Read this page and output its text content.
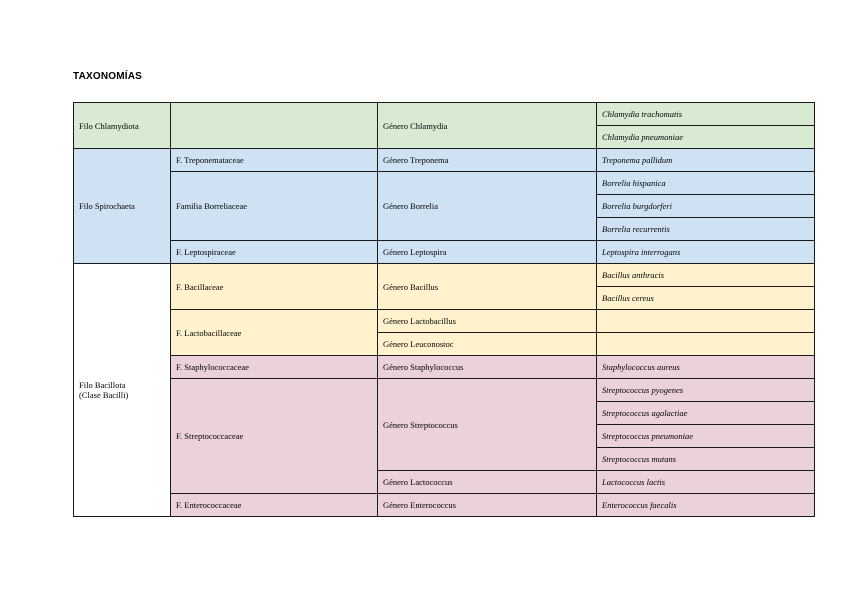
TAXONOMÍAS
Filo Chlamydiota		Género Chlamydia	Chlamydia trachomatis
			Chlamydia pneumoniae
Filo Spirochaeta	F. Treponemataceae	Género Treponema	Treponema pallidum
	Familia Borreliaceae	Género Borrelia	Borrelia hispanica
			Borrelia burgdorferi
			Borrelia recurrentis
	F. Leptospiraceae	Género Leptospira	Leptospira interrogans
Filo Bacillota
(Clase Bacilli)	F. Bacillaceae	Género Bacillus	Bacillus anthracis
			Bacillus cereus
	F. Lactobacillaceae	Género Lactobacillus	
		Género Leuconostoc	
	F. Staphylococcaceae	Género Staphylococcus	Staphylococcus aureus
	F. Streptococcaceae	Género Streptococcus	Streptococcus pyogenes
			Streptococcus agalactiae
			Streptococcus pneumoniae
			Streptococcus mutans
		Género Lactococcus	Lactococcus lactis
	F. Enterococcaceae	Género Enterococcus	Enterococcus faecalis
